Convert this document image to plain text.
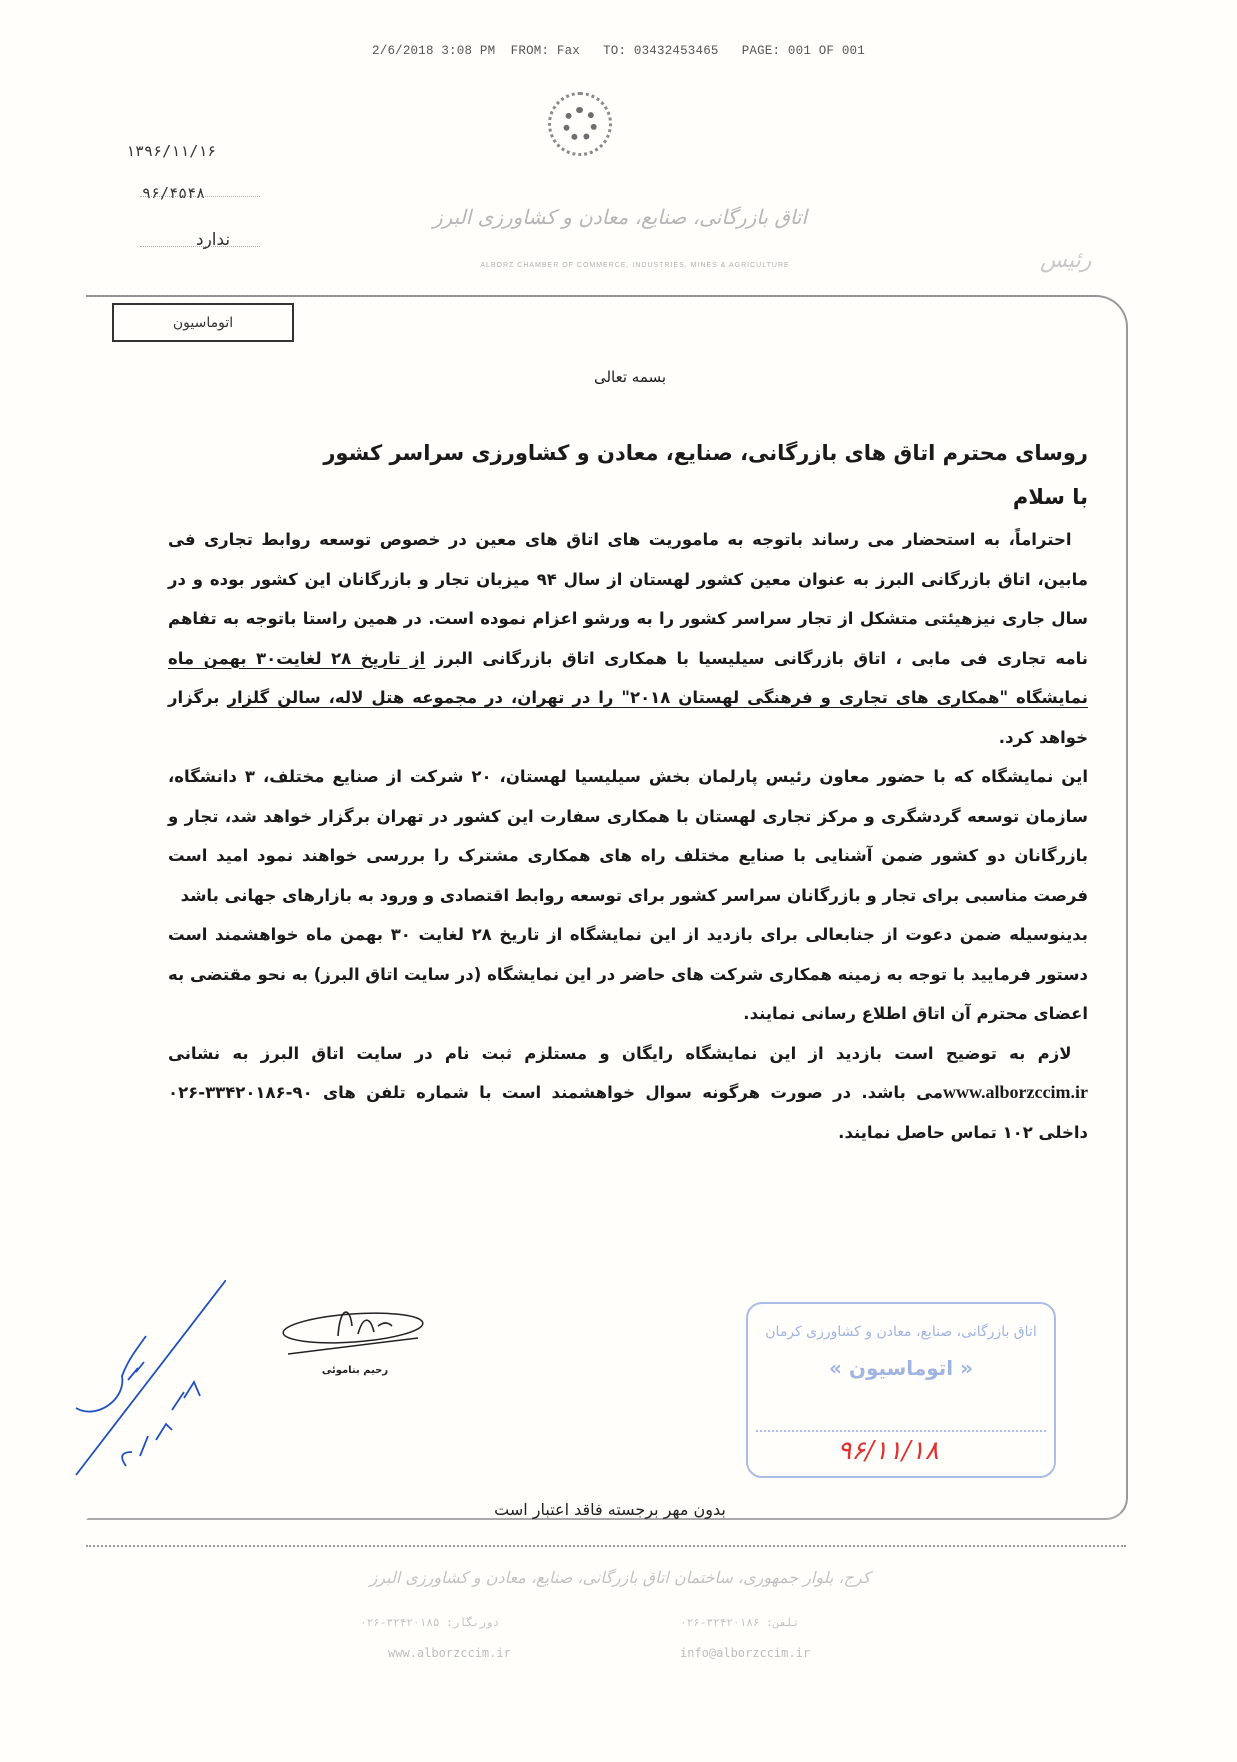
2/6/2018 3:08 PM  FROM: Fax   TO: 03432453465   PAGE: 001 OF 001
اتاق بازرگانی، صنایع، معادن و کشاورزی البرز
ALBORZ CHAMBER OF COMMERCE, INDUSTRIES, MINES & AGRICULTURE	رئیس
۱۳۹۶/۱۱/۱۶
۹۶/۴۵۴۸
ندارد
اتوماسیون
بسمه تعالی

روسای محترم اتاق های بازرگانی، صنایع، معادن و کشاورزی سراسر کشور

با سلام

 احتراماً، به استحضار می رساند باتوجه به ماموریت های اتاق های معین در خصوص توسعه روابط تجاری فی مابین، اتاق بازرگانی البرز به عنوان معین کشور لهستان از سال ۹۴ میزبان تجار و بازرگانان این کشور بوده و در سال جاری نیزهیئتی متشکل از تجار سراسر کشور را به ورشو اعزام نموده است. در همین راستا باتوجه به تفاهم نامه تجاری فی مابی ، اتاق بازرگانی سیلیسیا با همکاری اتاق بازرگانی البرز از تاریخ ۲۸ لغایت۳۰ بهمن ماه نمایشگاه "همکاری های تجاری و فرهنگی لهستان ۲۰۱۸" را در تهران، در مجموعه هتل لاله، سالن گلزار برگزار خواهد کرد.

این نمایشگاه که با حضور معاون رئیس پارلمان بخش سیلیسیا لهستان، ۲۰ شرکت از صنایع مختلف، ۳ دانشگاه، سازمان توسعه گردشگری و مرکز تجاری لهستان با همکاری سفارت این کشور در تهران برگزار خواهد شد، تجار و بازرگانان دو کشور ضمن آشنایی با صنایع مختلف راه های همکاری مشترک را بررسی خواهند نمود امید است فرصت مناسبی برای تجار و بازرگانان سراسر کشور برای توسعه روابط اقتصادی و ورود به بازارهای جهانی باشد

بدینوسیله ضمن دعوت از جنابعالی برای بازدید از این نمایشگاه از تاریخ ۲۸ لغایت ۳۰ بهمن ماه خواهشمند است دستور فرمایید با توجه به زمینه همکاری شرکت های حاضر در این نمایشگاه (در سایت اتاق البرز) به نحو مقتضی به اعضای محترم آن اتاق اطلاع رسانی نمایند.

 لازم به توضیح است بازدید از این نمایشگاه رایگان و مستلزم ثبت نام در سایت اتاق البرز به نشانی www.alborzccim.irمی باشد. در صورت هرگونه سوال خواهشمند است با شماره تلفن های ۹۰-۳۳۴۲۰۱۸۶-۰۲۶ داخلی ۱۰۲ تماس حاصل نمایند.

رحیم بناموئی
اتاق بازرگانی، صنایع، معادن و کشاورزی کرمان
« اتوماسیون »
۹۶/۱۱/۱۸
بدون مهر برجسته فاقد اعتبار است
کرج، بلوار جمهوری، ساختمان اتاق بازرگانی، صنایع، معادن و کشاورزی البرز
دورنگار: ۳۲۴۲۰۱۸۵-۰۲۶	تلفن: ۳۲۴۲۰۱۸۶-۰۲۶
www.alborzccim.ir	info@alborzccim.ir
